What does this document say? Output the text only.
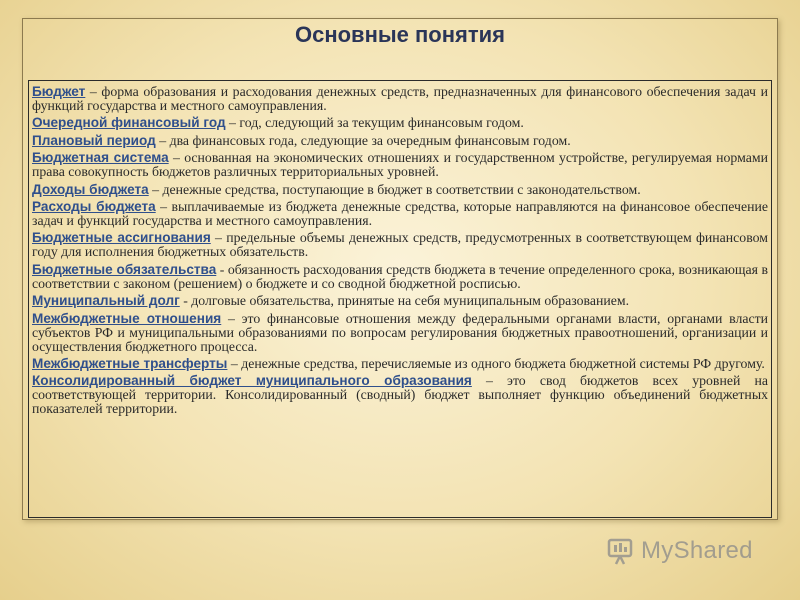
Основные понятия

Бюджет – форма образования и расходования денежных средств, предназначенных для финансового обеспечения задач и функций государства и местного самоуправления.

Очередной финансовый год – год, следующий за текущим финансовым годом.

Плановый период – два финансовых года, следующие за очередным финансовым годом.

Бюджетная система – основанная на экономических отношениях и государственном устройстве, регулируемая нормами права совокупность бюджетов различных территориальных уровней.

Доходы бюджета – денежные средства, поступающие в бюджет в соответствии с законодательством.

Расходы бюджета – выплачиваемые из бюджета денежные средства, которые направляются на финансовое обеспечение задач и функций государства и местного самоуправления.

Бюджетные ассигнования – предельные объемы денежных средств, предусмотренных в соответствующем финансовом году для исполнения бюджетных обязательств.

Бюджетные обязательства - обязанность расходования средств бюджета в течение определенного срока, возникающая в соответствии с законом (решением) о бюджете и со сводной бюджетной росписью.

Муниципальный долг - долговые обязательства, принятые на себя муниципальным образованием.

Межбюджетные отношения – это финансовые отношения между федеральными органами власти, органами власти субъектов РФ и муниципальными образованиями по вопросам регулирования бюджетных правоотношений, организации и осуществления бюджетного процесса.

Межбюджетные трансферты – денежные средства, перечисляемые из одного бюджета бюджетной системы РФ другому.

Консолидированный бюджет муниципального образования – это свод бюджетов всех уровней на соответствующей территории. Консолидированный (сводный) бюджет выполняет функцию объединений бюджетных показателей территории.

MyShared
